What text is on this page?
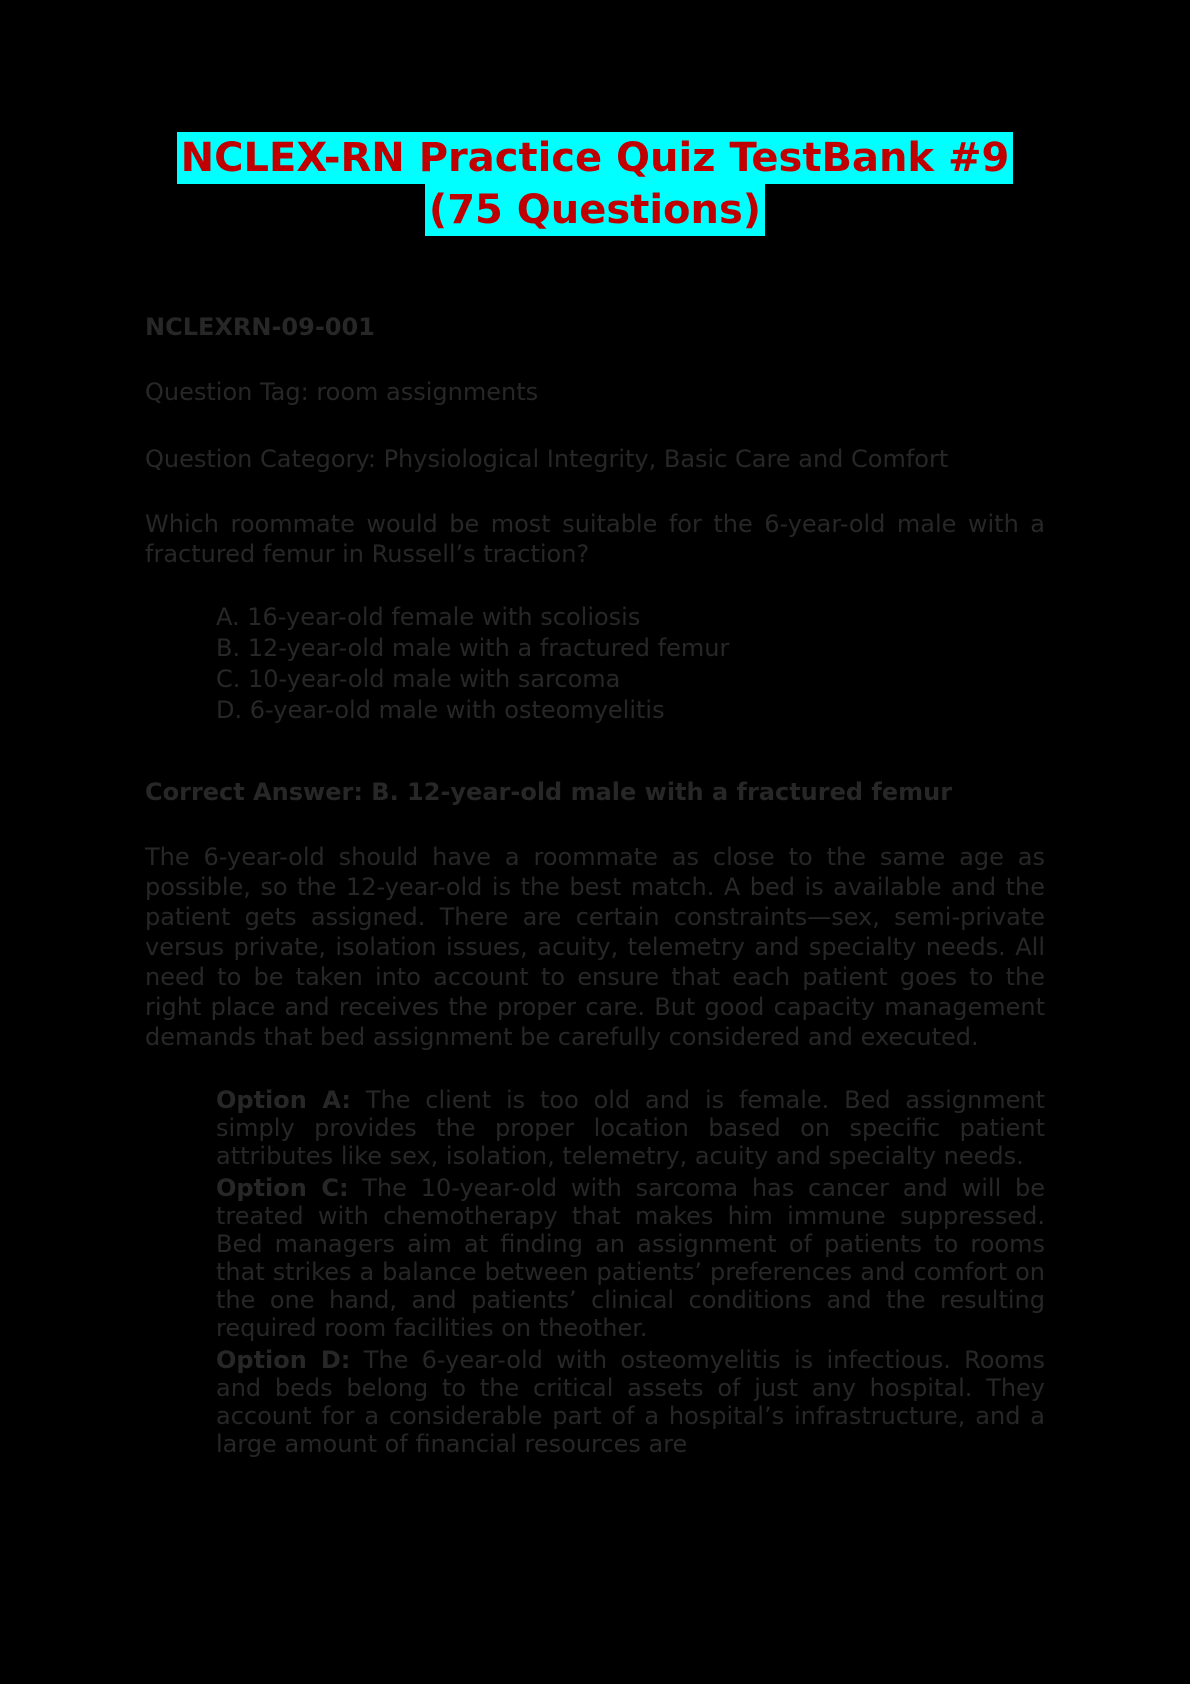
NCLEX-RN Practice Quiz TestBank #9
(75 Questions)

NCLEXRN-09-001

Question Tag: room assignments

Question Category: Physiological Integrity, Basic Care and Comfort

Which roommate would be most suitable for the 6-year-old male with a fractured femur in Russell’s traction?

A. 16-year-old female with scoliosis
B. 12-year-old male with a fractured femur
C. 10-year-old male with sarcoma
D. 6-year-old male with osteomyelitis

Correct Answer: B. 12-year-old male with a fractured femur

The 6-year-old should have a roommate as close to the same age as possible, so the 12-year-old is the best match. A bed is available and the patient gets assigned. There are certain constraints—sex, semi-private versus private, isolation issues, acuity, telemetry and specialty needs. All need to be taken into account to ensure that each patient goes to the right place and receives the proper care. But good capacity management demands that bed assignment be carefully considered and executed.

Option A: The client is too old and is female. Bed assignment simply provides the proper location based on specific patient attributes like sex, isolation, telemetry, acuity and specialty needs.
Option C: The 10-year-old with sarcoma has cancer and will be treated with chemotherapy that makes him immune suppressed. Bed managers aim at finding an assignment of patients to rooms that strikes a balance between patients’ preferences and comfort on the one hand, and patients’ clinical conditions and the resulting required room facilities on theother.
Option D: The 6-year-old with osteomyelitis is infectious. Rooms and beds belong to the critical assets of just any hospital. They account for a considerable part of a hospital’s infrastructure, and a large amount of financial resources are
